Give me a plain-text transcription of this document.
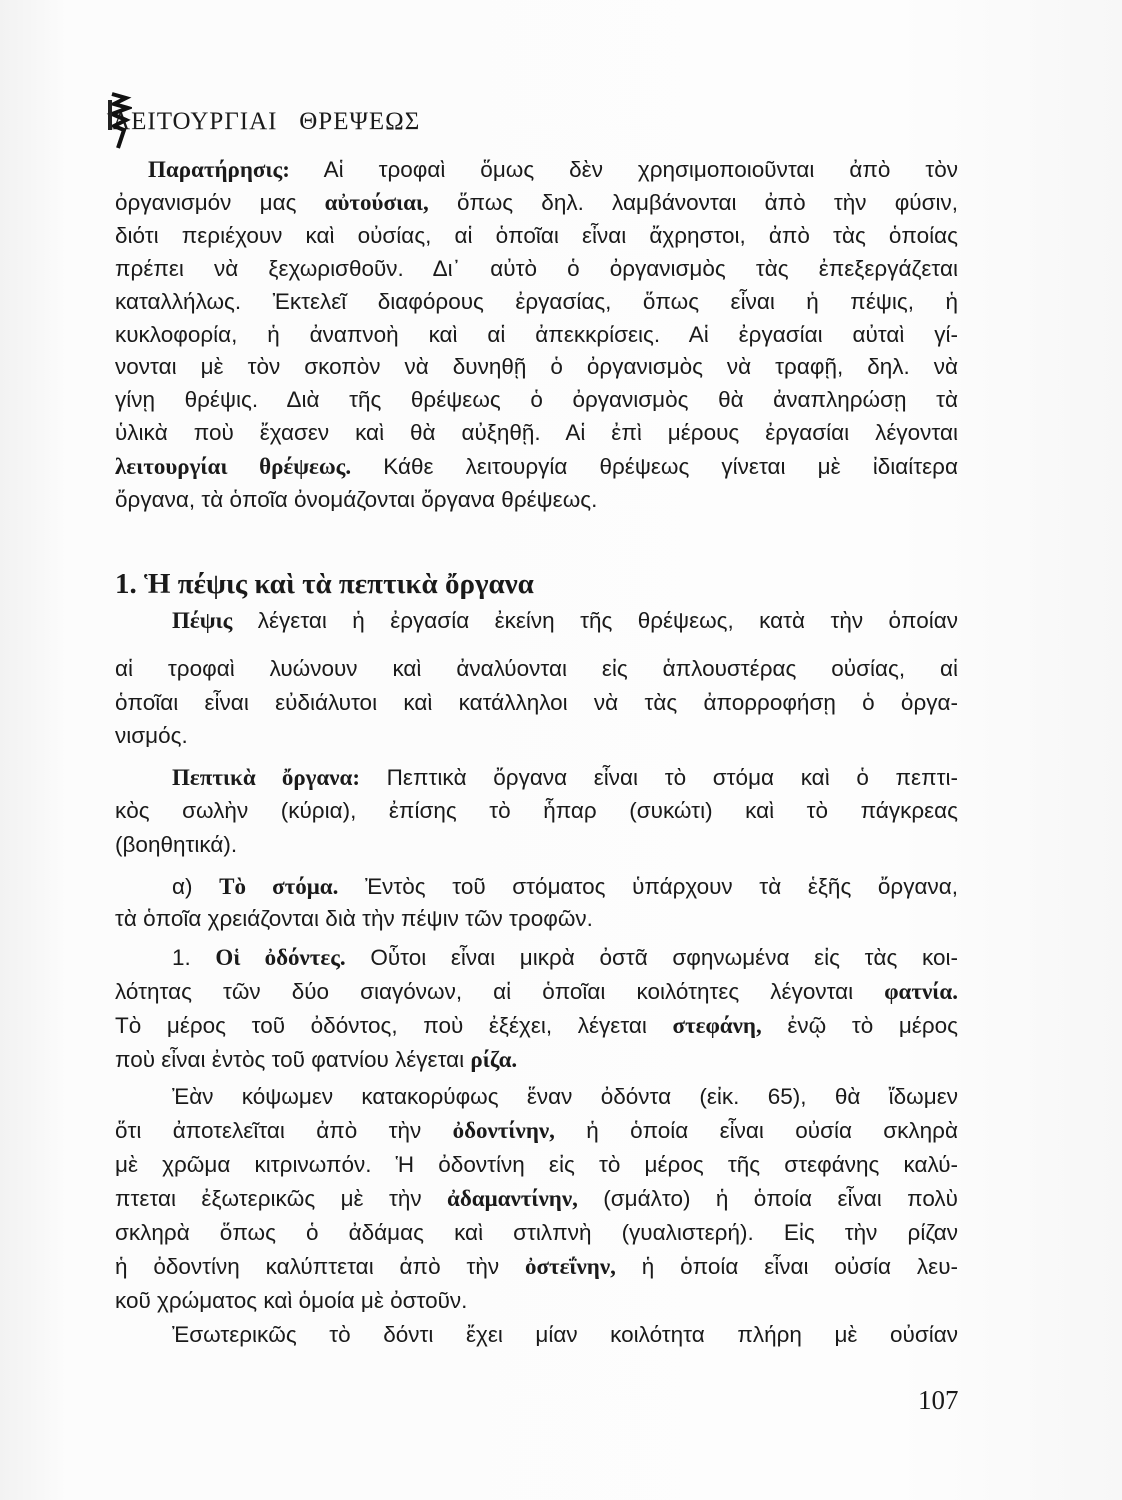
Λ
ΕΙΤΟΥΡΓΙΑΙ   ΘΡΕΨΕΩΣ
1. Ἡ πέψις καὶ τὰ πεπτικὰ ὄργανα
Παρατήρησις: Αἱ τροφαὶ ὅμως δὲν χρησιμοποιοῦνται ἀπὸ τὸν
ὀργανισμόν μας αὐτούσιαι, ὅπως δηλ. λαμβάνονται ἀπὸ τὴν φύσιν,
διότι περιέχουν καὶ οὐσίας, αἱ ὁποῖαι εἶναι ἄχρηστοι, ἀπὸ τὰς ὁποίας
πρέπει νὰ ξεχωρισθοῦν. Δι᾿ αὐτὸ ὁ ὀργανισμὸς τὰς ἐπεξεργάζεται
καταλλήλως. Ἐκτελεῖ διαφόρους ἐργασίας, ὅπως εἶναι ἡ πέψις, ἡ
κυκλοφορία, ἡ ἀναπνοὴ καὶ αἱ ἀπεκκρίσεις. Αἱ ἐργασίαι αὐταὶ γί-
νονται μὲ τὸν σκοπὸν νὰ δυνηθῇ ὁ ὀργανισμὸς νὰ τραφῇ, δηλ. νὰ
γίνῃ θρέψις. Διὰ τῆς θρέψεως ὁ ὀργανισμὸς θὰ ἀναπληρώσῃ τὰ
ὑλικὰ ποὺ ἔχασεν καὶ θὰ αὐξηθῇ. Αἱ ἐπὶ μέρους ἐργασίαι λέγονται
λειτουργίαι θρέψεως. Κάθε λειτουργία θρέψεως γίνεται μὲ ἰδιαίτερα
ὄργανα, τὰ ὁποῖα ὀνομάζονται ὄργανα θρέψεως.
Πέψις λέγεται ἡ ἐργασία ἐκείνη τῆς θρέψεως, κατὰ τὴν ὁποίαν
αἱ τροφαὶ λυώνουν καὶ ἀναλύονται εἰς ἁπλουστέρας οὐσίας, αἱ
ὁποῖαι εἶναι εὐδιάλυτοι καὶ κατάλληλοι νὰ τὰς ἀπορροφήσῃ ὁ ὀργα-
νισμός.
Πεπτικὰ ὄργανα: Πεπτικὰ ὄργανα εἶναι τὸ στόμα καὶ ὁ πεπτι-
κὸς σωλὴν (κύρια), ἐπίσης τὸ ἧπαρ (συκώτι) καὶ τὸ πάγκρεας
(βοηθητικά).
α) Τὸ στόμα. Ἐντὸς τοῦ στόματος ὑπάρχουν τὰ ἑξῆς ὄργανα,
τὰ ὁποῖα χρειάζονται διὰ τὴν πέψιν τῶν τροφῶν.
1. Οἱ ὀδόντες. Οὗτοι εἶναι μικρὰ ὀστᾶ σφηνωμένα εἰς τὰς κοι-
λότητας τῶν δύο σιαγόνων, αἱ ὁποῖαι κοιλότητες λέγονται φατνία.
Τὸ μέρος τοῦ ὀδόντος, ποὺ ἐξέχει, λέγεται στεφάνη, ἐνῷ τὸ μέρος
ποὺ εἶναι ἐντὸς τοῦ φατνίου λέγεται ρίζα.
Ἐὰν κόψωμεν κατακορύφως ἕναν ὀδόντα (εἰκ. 65), θὰ ἴδωμεν
ὅτι ἀποτελεῖται ἀπὸ τὴν ὀδοντίνην, ἡ ὁποία εἶναι οὐσία σκληρὰ
μὲ χρῶμα κιτρινωπόν. Ἡ ὀδοντίνη εἰς τὸ μέρος τῆς στεφάνης καλύ-
πτεται ἐξωτερικῶς μὲ τὴν ἀδαμαντίνην, (σμάλτο) ἡ ὁποία εἶναι πολὺ
σκληρὰ ὅπως ὁ ἀδάμας καὶ στιλπνὴ (γυαλιστερή). Εἰς τὴν ρίζαν
ἡ ὀδοντίνη καλύπτεται ἀπὸ τὴν ὀστεΐνην, ἡ ὁποία εἶναι οὐσία λευ-
κοῦ χρώματος καὶ ὁμοία μὲ ὀστοῦν.
Ἐσωτερικῶς τὸ δόντι ἔχει μίαν κοιλότητα πλήρη μὲ οὐσίαν
107
